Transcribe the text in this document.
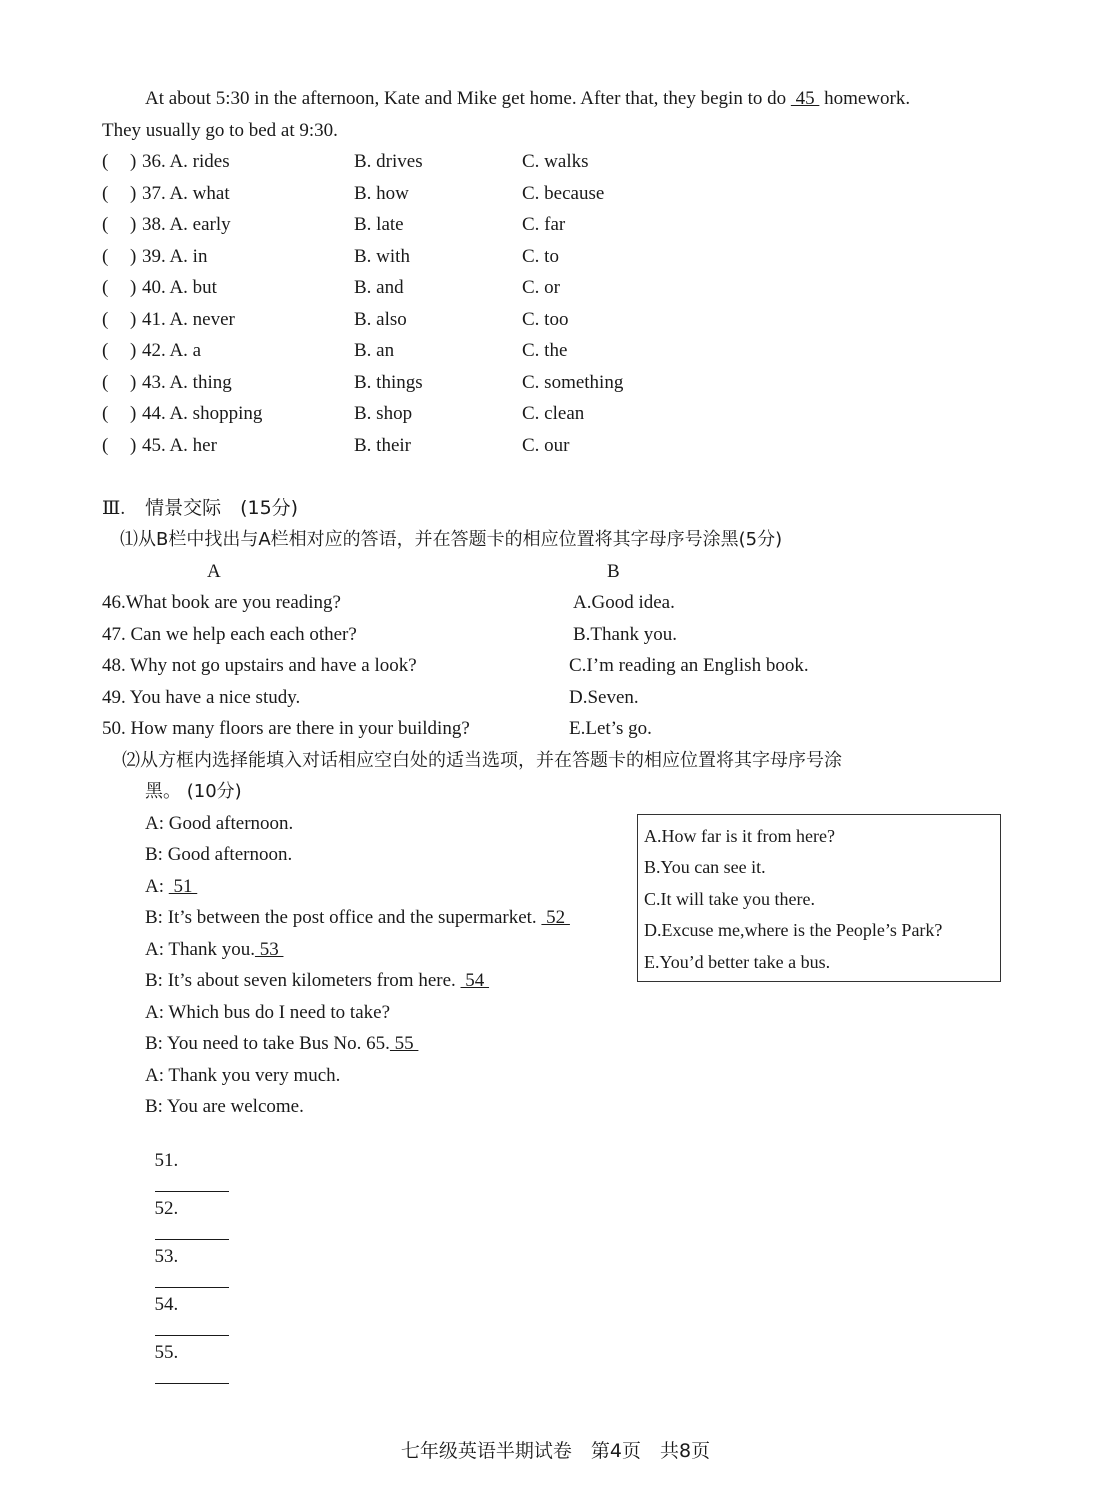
At about 5:30 in the afternoon, Kate and Mike get home. After that, they begin to do  45  homework.
They usually go to bed at 9:30.
( ) 36. A. rides	B. drives	C. walks
( ) 37. A. what	B. how	C. because
( ) 38. A. early	B. late	C. far
( ) 39. A. in	B. with	C. to
( ) 40. A. but	B. and	C. or
( ) 41. A. never	B. also	C. too
( ) 42. A. a	B. an	C. the
( ) 43. A. thing	B. things	C. something
( ) 44. A. shopping	B. shop	C. clean
( ) 45. A. her	B. their	C. our
Ⅲ. 情景交际　(15分)
⑴从B栏中找出与A栏相对应的答语，并在答题卡的相应位置将其字母序号涂黑(5分)
A	B
46.What book are you reading?	A.Good idea.
47. Can we help each each other?	B.Thank you.
48. Why not go upstairs and have a look?	C.I’m reading an English book.
49. You have a nice study.	D.Seven.
50. How many floors are there in your building?	E.Let’s go.
⑵从方框内选择能填入对话相应空白处的适当选项，并在答题卡的相应位置将其字母序号涂
黑。 (10分)
A: Good afternoon.
B: Good afternoon.
A:  51
B: It’s between the post office and the supermarket.  52
A: Thank you. 53
B: It’s about seven kilometers from here.  54
A: Which bus do I need to take?
B: You need to take Bus No. 65. 55
A: Thank you very much.
B: You are welcome.

51.

52.

53.

54.

55.

A.How far is it from here?
B.You can see it.
C.It will take you there.
D.Excuse me,where is the People’s Park?
E.You’d better take a bus.
七年级英语半期试卷　第4页　共8页
